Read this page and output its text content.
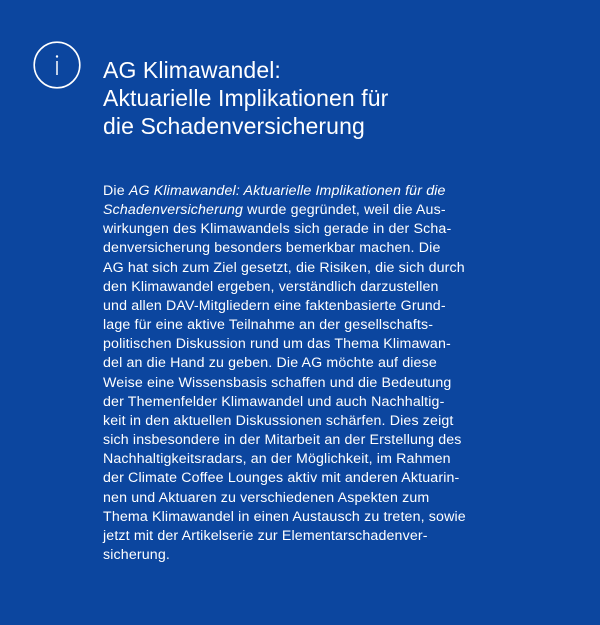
AG Klimawandel:
Aktuarielle Implikationen für
die Schadenversicherung

Die AG Klimawandel: Aktuarielle Implikationen für die
Schadenversicherung wurde gegründet, weil die Aus-
wirkungen des Klimawandels sich gerade in der Scha-
denversicherung besonders bemerkbar machen. Die
AG hat sich zum Ziel gesetzt, die Risiken, die sich durch
den Klimawandel ergeben, verständlich darzustellen
und allen DAV-Mitgliedern eine faktenbasierte Grund-
lage für eine aktive Teilnahme an der gesellschafts-
politischen Diskussion rund um das Thema Klimawan-
del an die Hand zu geben. Die AG möchte auf diese
Weise eine Wissensbasis schaffen und die Bedeutung
der Themenfelder Klimawandel und auch Nachhaltig-
keit in den aktuellen Diskussionen schärfen. Dies zeigt
sich insbesondere in der Mitarbeit an der Erstellung des
Nachhaltigkeitsradars, an der Möglichkeit, im Rahmen
der Climate Coffee Lounges aktiv mit anderen Aktuarin-
nen und Aktuaren zu verschiedenen Aspekten zum
Thema Klimawandel in einen Austausch zu treten, sowie
jetzt mit der Artikelserie zur Elementarschadenver-
sicherung.
